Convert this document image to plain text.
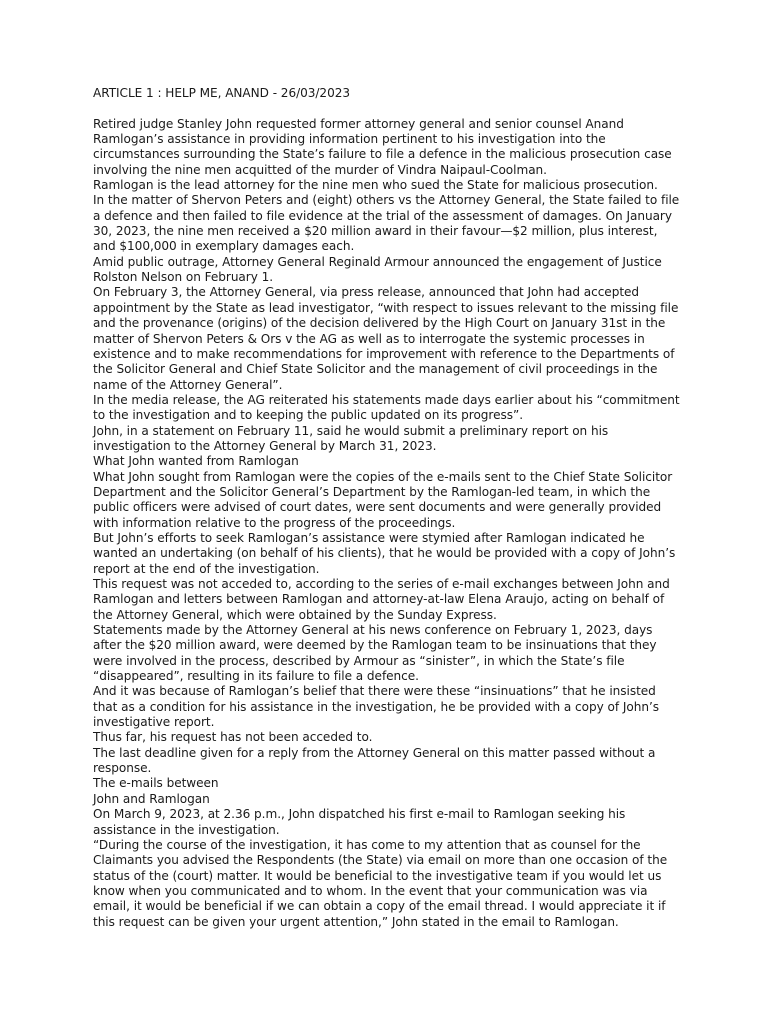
ARTICLE 1 : HELP ME, ANAND - 26/03/2023

Retired judge Stanley John requested former attorney general and senior counsel Anand Ramlogan’s assistance in providing information pertinent to his investigation into the circumstances surrounding the State’s failure to file a defence in the malicious prosecution case involving the nine men acquitted of the murder of Vindra Naipaul-Coolman.

Ramlogan is the lead attorney for the nine men who sued the State for malicious prosecution.

In the matter of Shervon Peters and (eight) others vs the Attorney General, the State failed to file a defence and then failed to file evidence at the trial of the assessment of damages. On January 30, 2023, the nine men received a $20 million award in their favour—$2 million, plus interest, and $100,000 in exemplary damages each.

Amid public outrage, Attorney General Reginald Armour announced the engagement of Justice Rolston Nelson on February 1.

On February 3, the Attorney General, via press release, announced that John had accepted appointment by the State as lead investigator, “with respect to issues relevant to the missing file and the provenance (origins) of the decision delivered by the High Court on January 31st in the matter of Shervon Peters & Ors v the AG as well as to interrogate the systemic processes in existence and to make recommendations for improvement with reference to the Departments of the Solicitor General and Chief State Solicitor and the management of civil proceedings in the name of the Attorney General”.

In the media release, the AG reiterated his statements made days earlier about his “commitment to the investigation and to keeping the public updated on its progress”.

John, in a statement on February 11, said he would submit a preliminary report on his investigation to the Attorney General by March 31, 2023.

What John wanted from Ramlogan

What John sought from Ramlogan were the copies of the e-mails sent to the Chief State Solicitor Department and the Solicitor General’s Department by the Ramlogan-led team, in which the public officers were advised of court dates, were sent documents and were generally provided with information relative to the progress of the proceedings.

But John’s efforts to seek Ramlogan’s assistance were stymied after Ramlogan indicated he wanted an undertaking (on behalf of his clients), that he would be provided with a copy of John’s report at the end of the investigation.

This request was not acceded to, according to the series of e-mail exchanges between John and Ramlogan and letters between Ramlogan and attorney-at-law Elena Araujo, acting on behalf of the Attorney General, which were obtained by the Sunday Express.

Statements made by the Attorney General at his news conference on February 1, 2023, days after the $20 million award, were deemed by the Ramlogan team to be insinuations that they were involved in the process, described by Armour as “sinister”, in which the State’s file “disappeared”, resulting in its failure to file a defence.

And it was because of Ramlogan’s belief that there were these “insinuations” that he insisted that as a condition for his assistance in the investigation, he be provided with a copy of John’s investigative report.

Thus far, his request has not been acceded to.

The last deadline given for a reply from the Attorney General on this matter passed without a response.

The e-mails between

John and Ramlogan

On March 9, 2023, at 2.36 p.m., John dispatched his first e-mail to Ramlogan seeking his assistance in the investigation.

“During the course of the investigation, it has come to my attention that as counsel for the Claimants you advised the Respondents (the State) via email on more than one occasion of the status of the (court) matter. It would be beneficial to the investigative team if you would let us know when you communicated and to whom. In the event that your communication was via email, it would be beneficial if we can obtain a copy of the email thread. I would appreciate it if this request can be given your urgent attention,” John stated in the email to Ramlogan.
